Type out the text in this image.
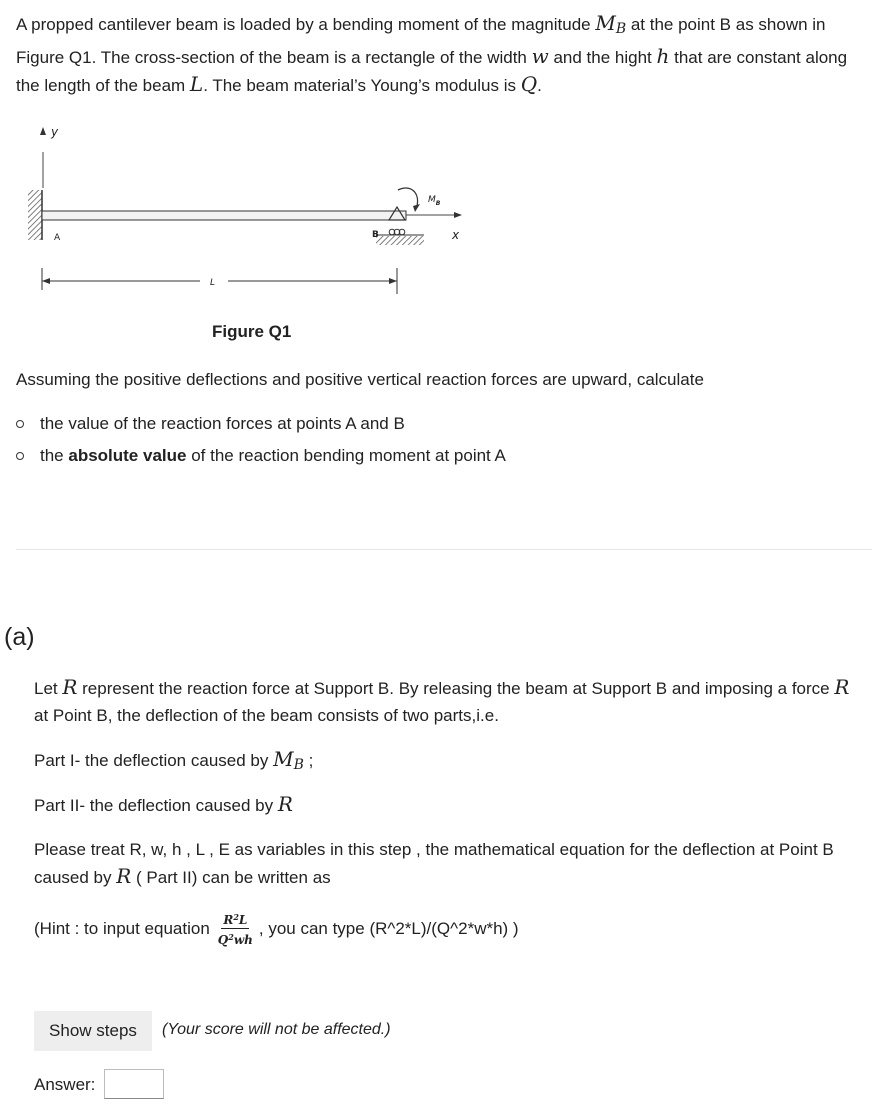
A propped cantilever beam is loaded by a bending moment of the magnitude $M_B$ at the point B as shown in Figure Q1. The cross-section of the beam is a rectangle of the width w and the hight h that are constant along the length of the beam L. The beam material’s Young’s modulus is Q.
y
A	B
$M_B$
x
L
Figure Q1
Assuming the positive deflections and positive vertical reaction forces are upward, calculate
the value of the reaction forces at points A and B
the absolute value of the reaction bending moment at point A
(a)
Let R represent the reaction force at Support B. By releasing the beam at Support B and imposing a force R at Point B, the deflection of the beam consists of two parts,i.e.
Part I- the deflection caused by $M_B$ ;
Part II- the deflection caused by R
Please treat R, w, h , L , E as variables in this step , the mathematical equation for the deflection at Point B caused by R ( Part II) can be written as
(Hint : to input equation $\frac{R^2L}{Q^2wh}$ , you can type (R^2*L)/(Q^2*w*h) )
Show steps	(Your score will not be affected.)
Answer:
